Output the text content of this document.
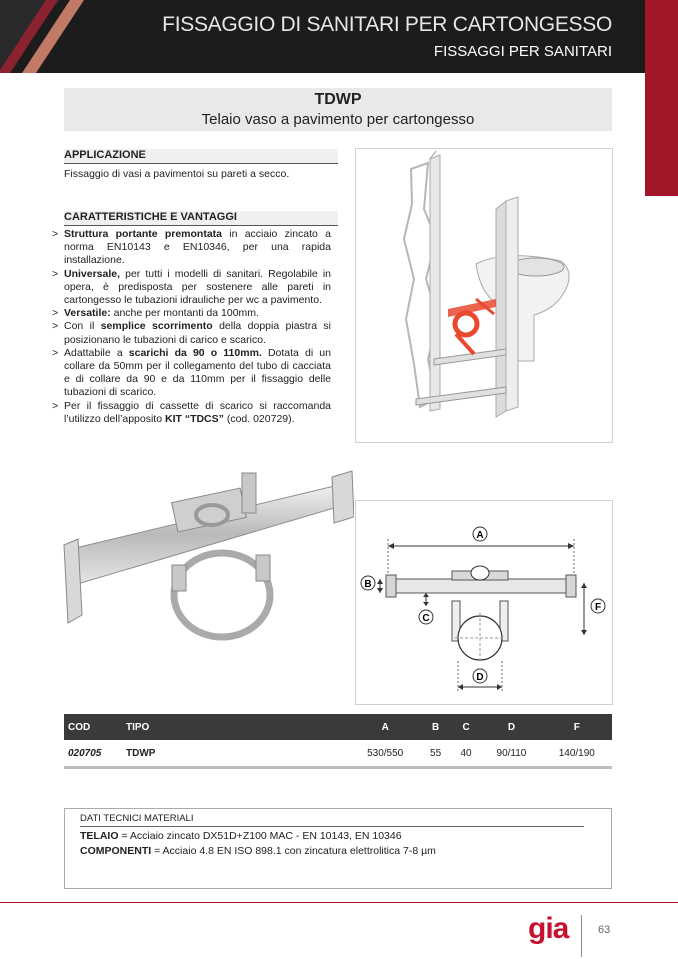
FISSAGGIO DI SANITARI PER CARTONGESSO
FISSAGGI PER SANITARI
TDWP
Telaio vaso a pavimento per cartongesso
APPLICAZIONE
Fissaggio di vasi a pavimentoi su pareti a secco.
CARATTERISTICHE E VANTAGGI
> Struttura portante premontata in acciaio zincato a norma EN10143 e EN10346, per una rapida installazione.
> Universale, per tutti i modelli di sanitari. Regolabile in opera, è predisposta per sostenere alle pareti in cartongesso le tubazioni idrauliche per wc a pavimento.
> Versatile: anche per montanti da 100mm.
> Con il semplice scorrimento della doppia piastra si posizionano le tubazioni di carico e scarico.
> Adattabile a scarichi da 90 o 110mm. Dotata di un collare da 50mm per il collegamento del tubo di cacciata e di collare da 90 e da 110mm per il fissaggio delle tubazioni di scarico.
> Per il fissaggio di cassette di scarico si raccomanda l’utilizzo dell’apposito KIT “TDCS” (cod. 020729).
A
B
C
D
F
COD	TIPO	A	B	C	D	F
020705	TDWP	530/550	55	40	90/110	140/190
DATI TECNICI MATERIALI
TELAIO = Acciaio zincato DX51D+Z100 MAC - EN 10143, EN 10346
COMPONENTI = Acciaio 4.8 EN ISO 898.1 con zincatura elettrolitica 7-8 µm
gia	63
